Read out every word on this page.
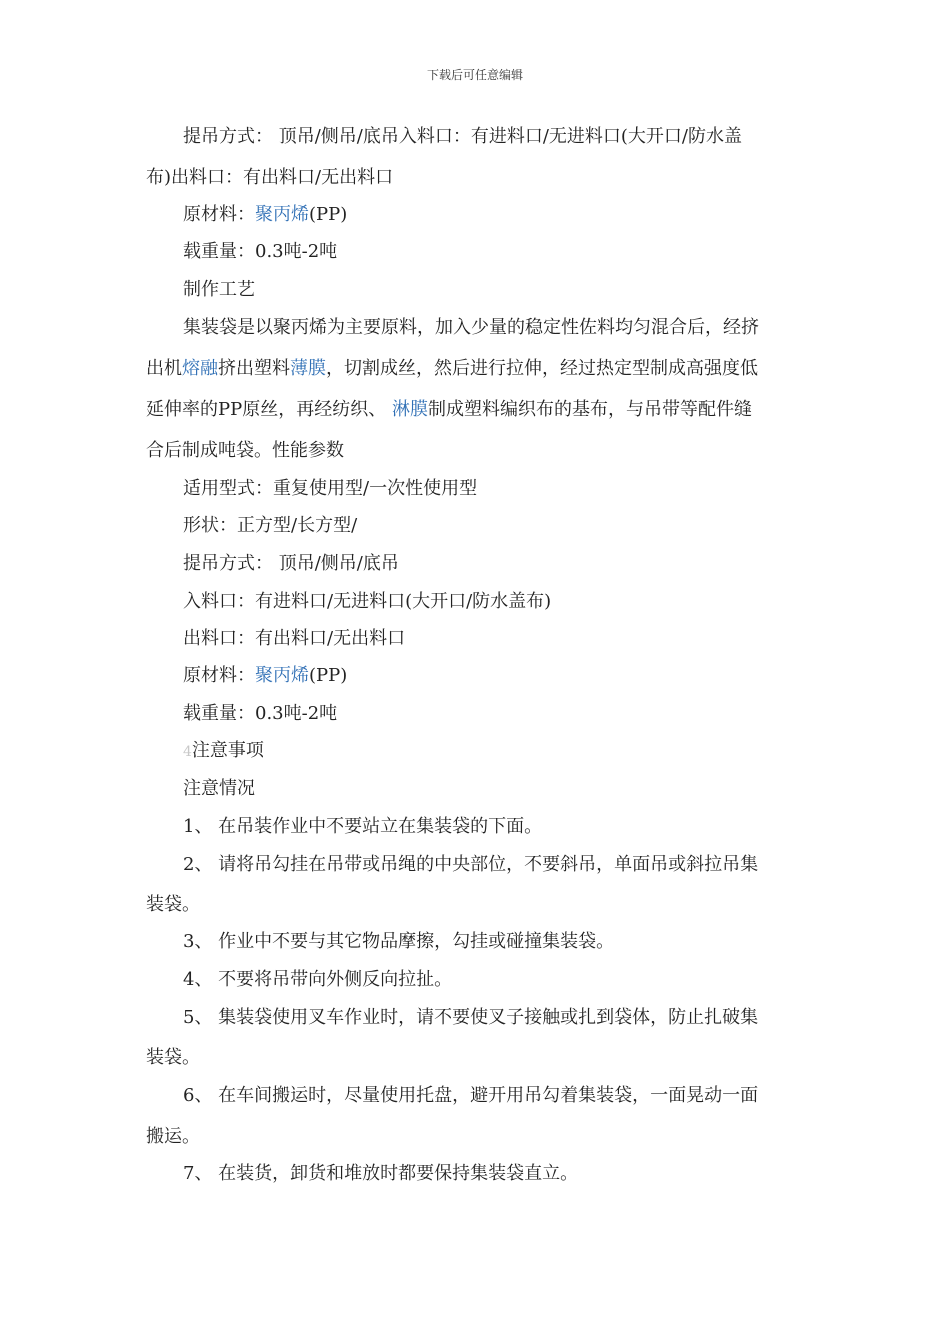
下载后可任意编辑

提吊方式： 顶吊/侧吊/底吊入料口：有进料口/无进料口(大开口/防水盖

布)出料口：有出料口/无出料口

原材料：聚丙烯(PP)

载重量：0.3吨-2吨

制作工艺

集装袋是以聚丙烯为主要原料，加入少量的稳定性佐料均匀混合后，经挤

出机熔融挤出塑料薄膜，切割成丝，然后进行拉伸，经过热定型制成高强度低

延伸率的PP原丝，再经纺织、 淋膜制成塑料编织布的基布，与吊带等配件缝

合后制成吨袋。性能参数

适用型式：重复使用型/一次性使用型

形状：正方型/长方型/

提吊方式： 顶吊/侧吊/底吊

入料口：有进料口/无进料口(大开口/防水盖布)

出料口：有出料口/无出料口

原材料：聚丙烯(PP)

载重量：0.3吨-2吨

4注意事项

注意情况

1、 在吊装作业中不要站立在集装袋的下面。

2、 请将吊勾挂在吊带或吊绳的中央部位，不要斜吊，单面吊或斜拉吊集

装袋。

3、 作业中不要与其它物品摩擦，勾挂或碰撞集装袋。

4、 不要将吊带向外侧反向拉扯。

5、 集装袋使用叉车作业时，请不要使叉子接触或扎到袋体，防止扎破集

装袋。

6、 在车间搬运时，尽量使用托盘，避开用吊勾着集装袋，一面晃动一面

搬运。

7、 在装货，卸货和堆放时都要保持集装袋直立。
